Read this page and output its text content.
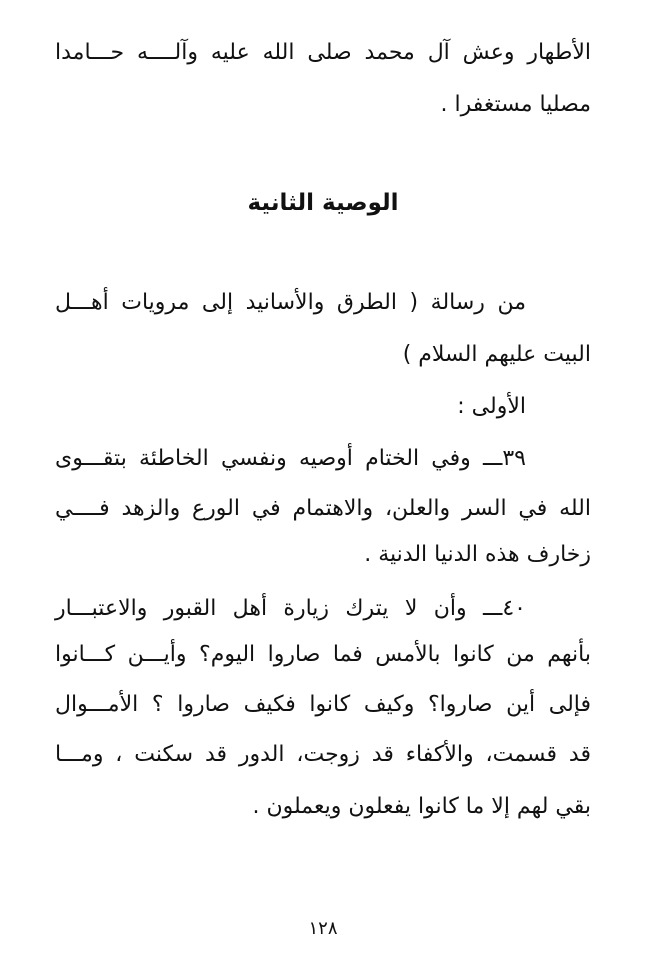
الأطهار وعش آل محمد صلى الله عليه وآلــــه حـــامدا
مصليا مستغفرا .
الوصية الثانية
من رسالة ( الطرق والأسانيد إلى مرويات أهـــل
البيت عليهم السلام )
الأولى :
٣٩ـــ وفي الختام أوصيه ونفسي الخاطئة بتقـــوى
الله في السر والعلن، والاهتمام في الورع والزهد فــــي
زخارف هذه الدنيا الدنية .
٤٠ـــ وأن لا يترك زيارة أهل القبور والاعتبـــار
بأنهم من كانوا بالأمس فما صاروا اليوم؟ وأيـــن كـــانوا
فإلى أين صاروا؟ وكيف كانوا فكيف صاروا ؟ الأمـــوال
قد قسمت، والأكفاء قد زوجت، الدور قد سكنت ، ومـــا
بقي لهم إلا ما كانوا يفعلون ويعملون .
١٢٨
